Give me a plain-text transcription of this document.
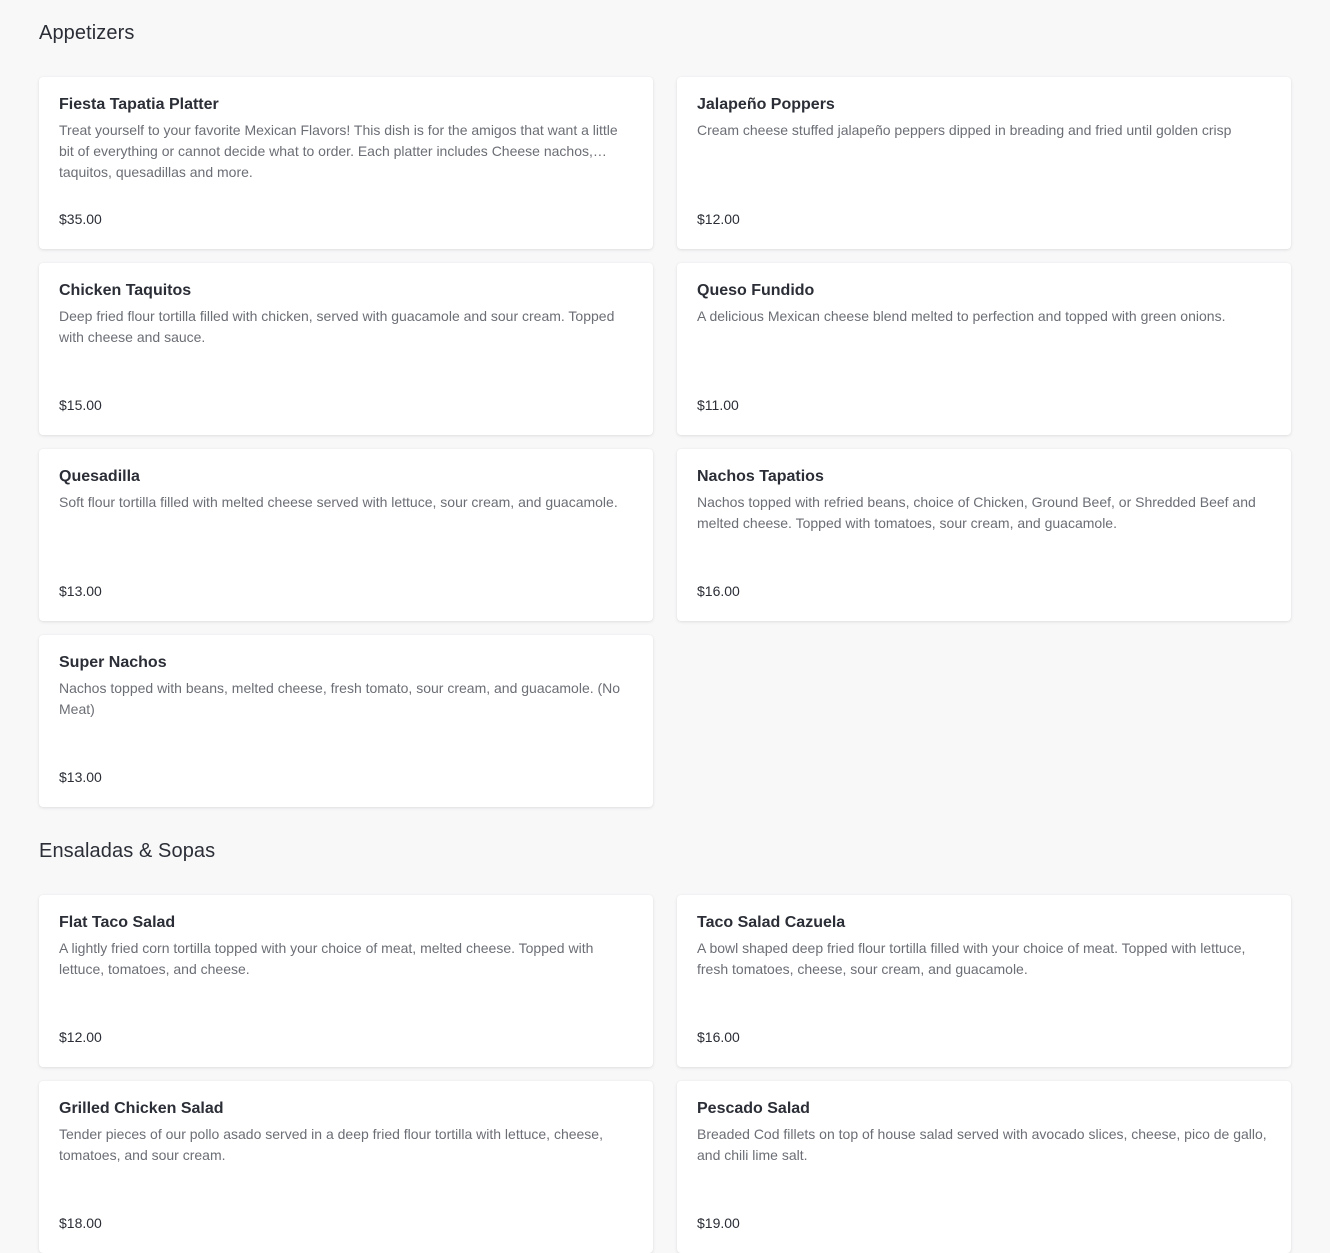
Appetizers
Fiesta Tapatia Platter
Treat yourself to your favorite Mexican Flavors! This dish is for the amigos that want a little bit of everything or cannot decide what to order. Each platter includes Cheese nachos, taquitos, quesadillas and more.
$35.00
Jalapeño Poppers
Cream cheese stuffed jalapeño peppers dipped in breading and fried until golden crisp
$12.00
Chicken Taquitos
Deep fried flour tortilla filled with chicken, served with guacamole and sour cream. Topped with cheese and sauce.
$15.00
Queso Fundido
A delicious Mexican cheese blend melted to perfection and topped with green onions.
$11.00
Quesadilla
Soft flour tortilla filled with melted cheese served with lettuce, sour cream, and guacamole.
$13.00
Nachos Tapatios
Nachos topped with refried beans, choice of Chicken, Ground Beef, or Shredded Beef and melted cheese. Topped with tomatoes, sour cream, and guacamole.
$16.00
Super Nachos
Nachos topped with beans, melted cheese, fresh tomato, sour cream, and guacamole. (No Meat)
$13.00
Ensaladas & Sopas
Flat Taco Salad
A lightly fried corn tortilla topped with your choice of meat, melted cheese. Topped with lettuce, tomatoes, and cheese.
$12.00
Taco Salad Cazuela
A bowl shaped deep fried flour tortilla filled with your choice of meat. Topped with lettuce, fresh tomatoes, cheese, sour cream, and guacamole.
$16.00
Grilled Chicken Salad
Tender pieces of our pollo asado served in a deep fried flour tortilla with lettuce, cheese, tomatoes, and sour cream.
$18.00
Pescado Salad
Breaded Cod fillets on top of house salad served with avocado slices, cheese, pico de gallo, and chili lime salt.
$19.00
